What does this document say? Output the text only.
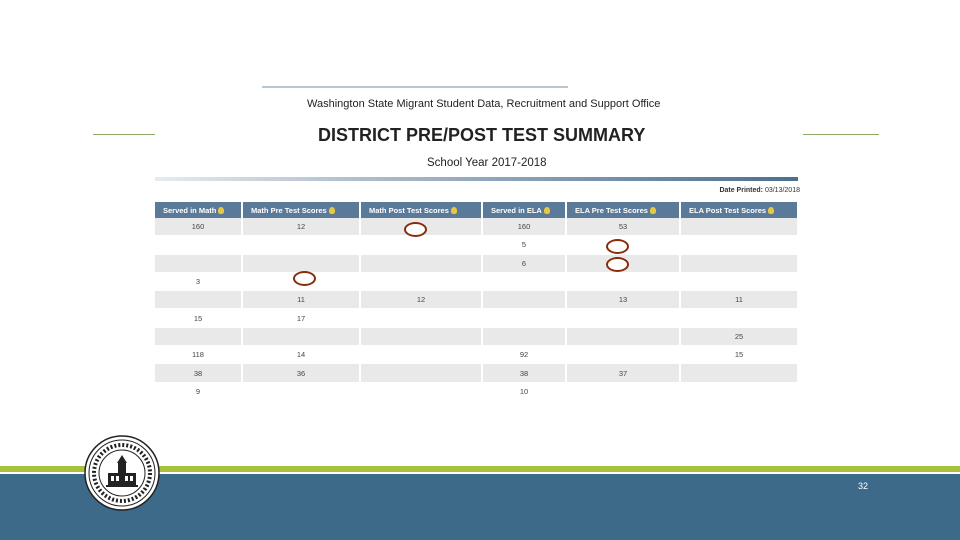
Washington State Migrant Student Data, Recruitment and Support Office
DISTRICT PRE/POST TEST SUMMARY
School Year 2017-2018
Date Printed: 03/13/2018
Served in Math	Math Pre Test Scores	Math Post Test Scores	Served in ELA	ELA Pre Test Scores	ELA Post Test Scores
160	12		160	53	
			5		
			6		
3					
	11	12		13	11
15	17				
					25
118	14		92		15
38	36		38	37	
9			10		
32
